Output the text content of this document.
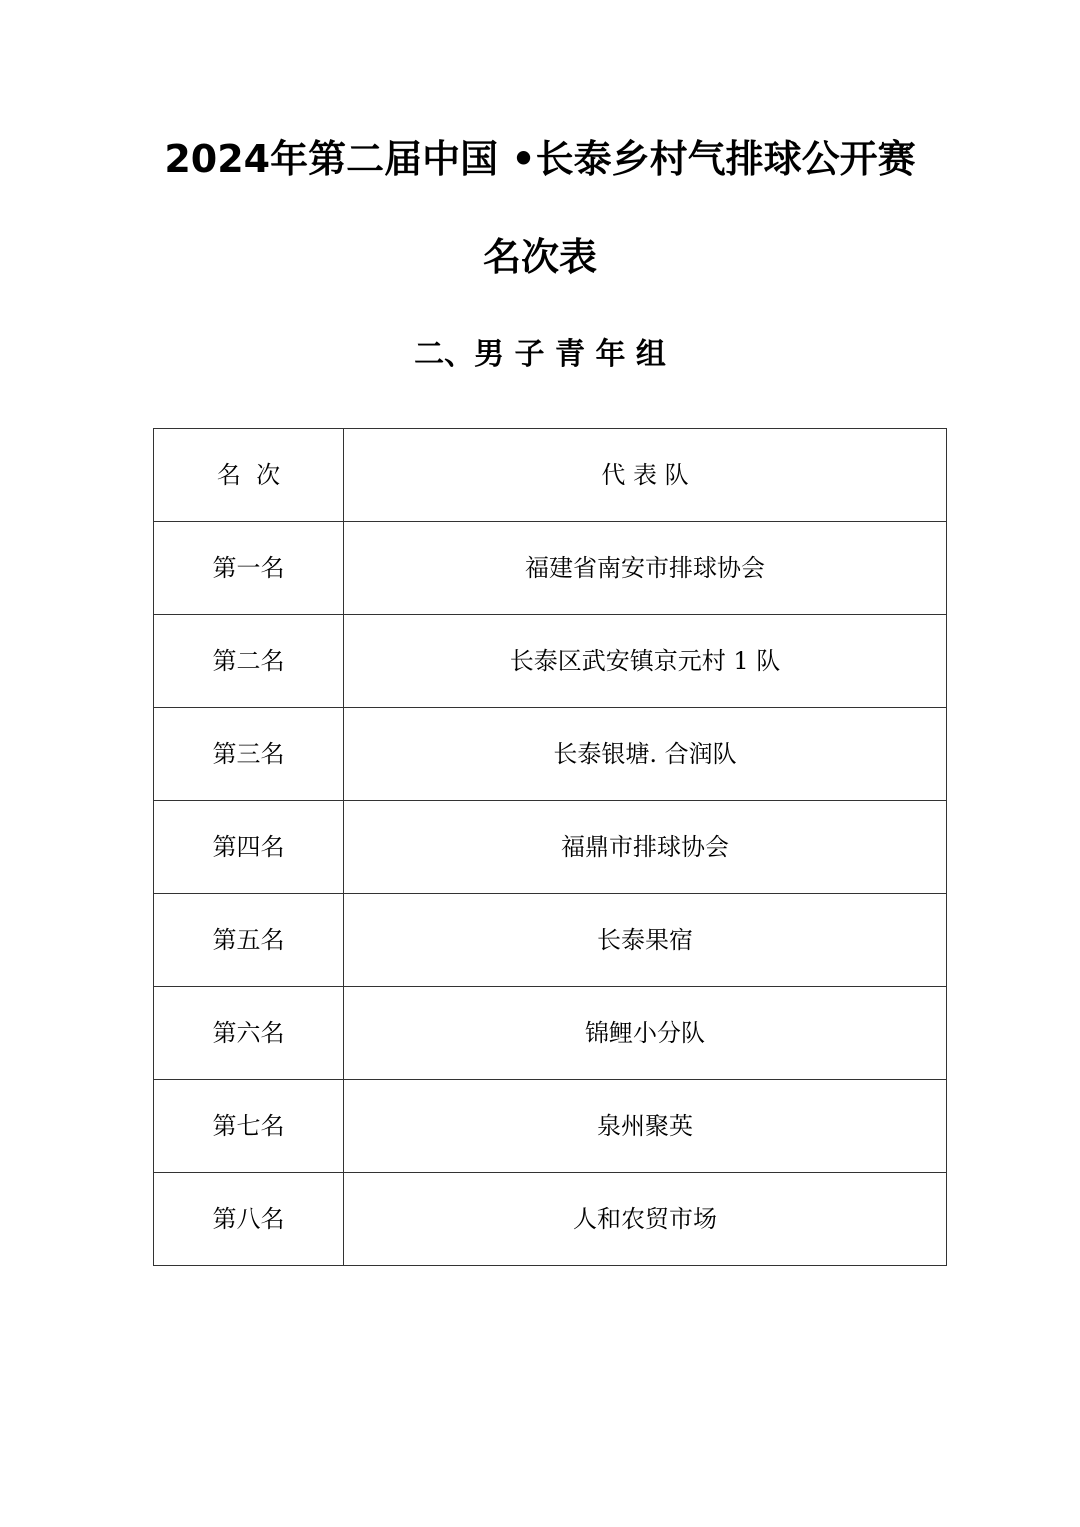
2024年第二届中国 •长泰乡村气排球公开赛
名次表
二、男 子 青 年 组
名  次	代 表 队
第一名	福建省南安市排球协会
第二名	长泰区武安镇京元村 1 队
第三名	长泰银塘. 合润队
第四名	福鼎市排球协会
第五名	长泰果宿
第六名	锦鲤小分队
第七名	泉州聚英
第八名	人和农贸市场
